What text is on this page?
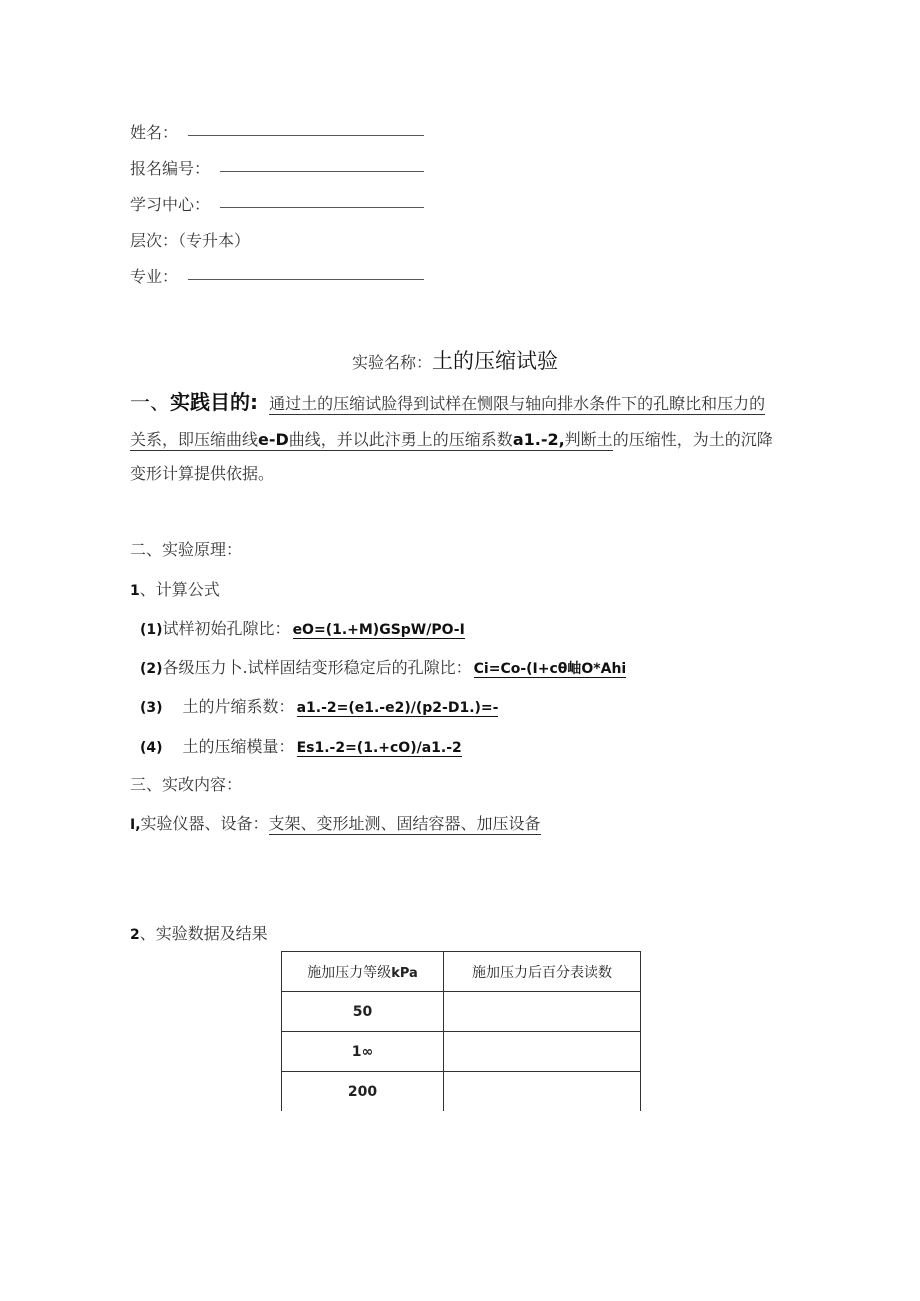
姓名：
报名编号：
学习中心：
层次：（专升本）
专业：
实验名称：土的压缩试验
一、实践目的: 通过土的压缩试脸得到试样在恻限与轴向排水条件下的孔瞭比和压力的
关系，即压缩曲线e-D曲线，并以此汴勇上的压缩系数a1.-2,判断土的压缩性，为土的沉降
变形计算提供依据。
二、实验原理：
1、计算公式
(1)试样初始孔隙比： eO=(1.+M)GSpW/PO-I
(2)各级压力卜.试样固结变形稳定后的孔隙比： Ci=Co-(I+cθ岫O*Ahi
(3) 土的片缩系数： a1.-2=(e1.-e2)/(p2-D1.)=-
(4) 土的压缩模量： Es1.-2=(1.+cO)/a1.-2
三、实改内容：
I,实验仪器、设备：支架、变形址测、固结容器、加压设备
2、实验数据及结果
施加压力等级kPa	施加压力后百分表读数
50	
1∞	
200	
